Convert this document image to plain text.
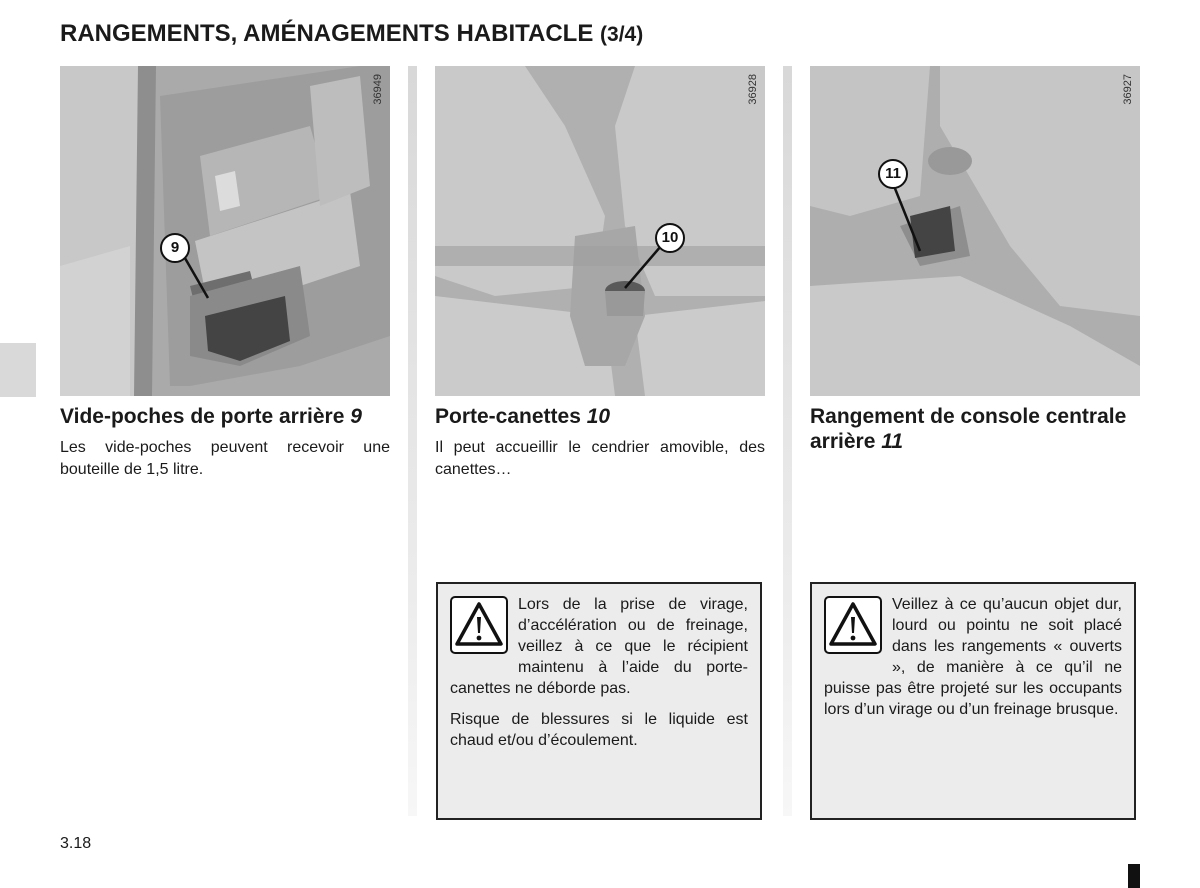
RANGEMENTS, AMÉNAGEMENTS HABITACLE (3/4)
36949
9
Vide-poches de porte arrière 9
Les vide-poches peuvent recevoir une bouteille de 1,5 litre.
36928
10
Porte-canettes 10
Il peut accueillir le cendrier amovible, des canettes…
36927
11
Rangement de console centrale arrière 11

Lors de la prise de virage, d’accélération ou de freinage, veillez à ce que le récipient maintenu à l’aide du porte-canettes ne déborde pas.

Risque de blessures si le liquide est chaud et/ou d’écoulement.

Veillez à ce qu’aucun objet dur, lourd ou pointu ne soit placé dans les rangements « ouverts », de manière à ce qu’il ne puisse pas être projeté sur les occupants lors d’un virage ou d’un freinage brusque.

3.18
